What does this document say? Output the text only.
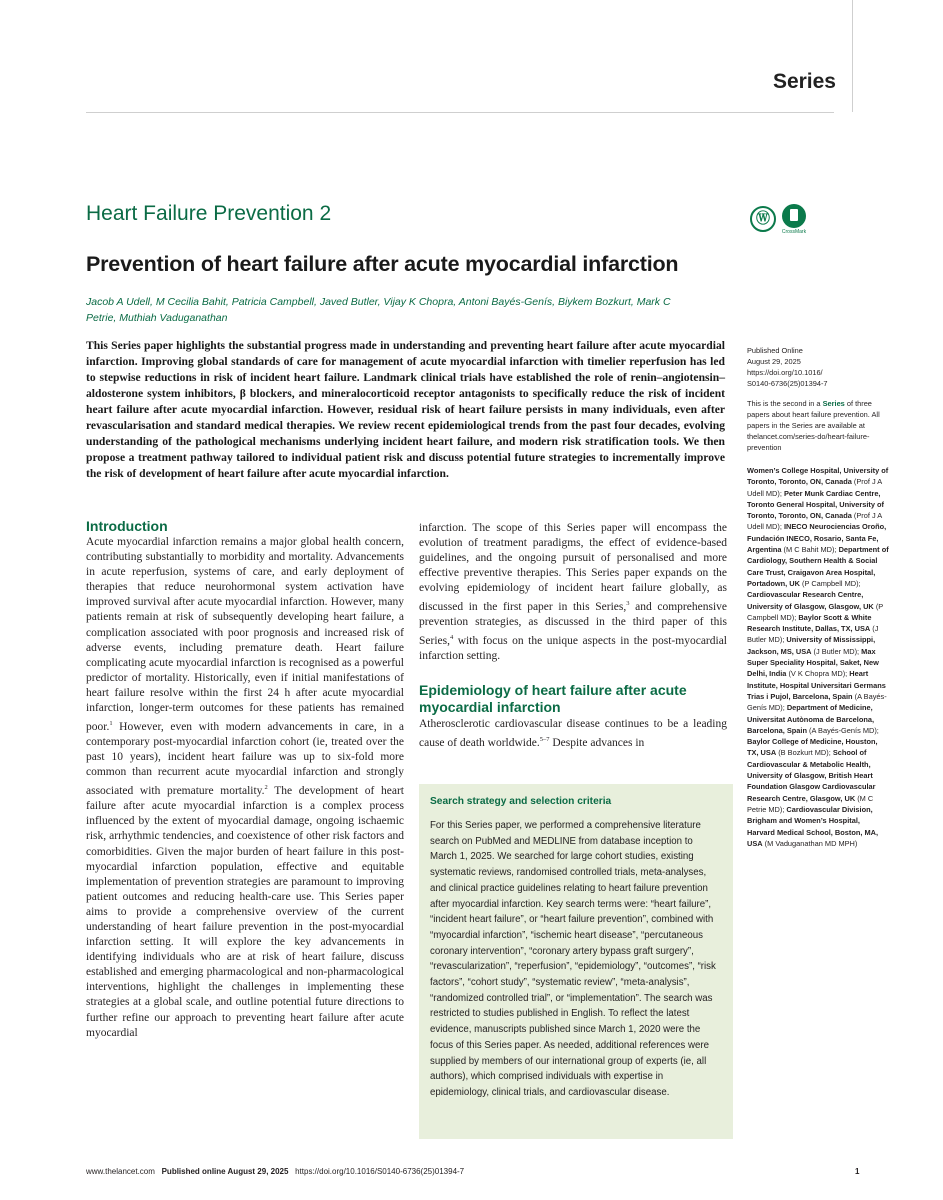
Series
Heart Failure Prevention 2	Ⓦ
CrossMark
Prevention of heart failure after acute myocardial infarction
Jacob A Udell, M Cecilia Bahit, Patricia Campbell, Javed Butler, Vijay K Chopra, Antoni Bayés-Genís, Biykem Bozkurt, Mark C Petrie, Muthiah Vaduganathan

This Series paper highlights the substantial progress made in understanding and preventing heart failure after acute myocardial infarction. Improving global standards of care for management of acute myocardial infarction with timelier reperfusion has led to stepwise reductions in risk of incident heart failure. Landmark clinical trials have established the role of renin–angiotensin–aldosterone system inhibitors, β blockers, and mineralocorticoid receptor antagonists to specifically reduce the risk of incident heart failure after acute myocardial infarction. However, residual risk of heart failure persists in many individuals, even after revascularisation and standard medical therapies. We review recent epidemiological trends from the past four decades, evolving understanding of the pathological mechanisms underlying incident heart failure, and modern risk stratification tools. We then propose a treatment pathway tailored to individual patient risk and discuss potential future strategies to incrementally improve the risk of development of heart failure after acute myocardial infarction.

Introduction

Acute myocardial infarction remains a major global health concern, contributing substantially to morbidity and mortality. Advancements in acute reperfusion, systems of care, and early deployment of therapies that reduce neurohormonal system activation have improved survival after acute myocardial infarction. However, many patients remain at risk of subsequently developing heart failure, a complication associated with poor prognosis and increased risk of adverse events, including premature death. Heart failure complicating acute myocardial infarction is recognised as a powerful predictor of mortality. Historically, even if initial manifestations of heart failure resolve within the first 24 h after acute myocardial infarction, longer-term outcomes for these patients has remained poor.$^1$ However, even with modern advancements in care, in a contemporary post-myocardial infarction cohort (ie, treated over the past 10 years), incident heart failure was up to six-fold more common than recurrent acute myocardial infarction and strongly associated with premature mortality.$^2$ The development of heart failure after acute myocardial infarction is a complex process influenced by the extent of myocardial damage, ongoing ischaemic risk, arrhythmic tendencies, and coexistence of other risk factors and comorbidities. Given the major burden of heart failure in this post-myocardial infarction population, effective and equitable implementation of prevention strategies are paramount to improving patient outcomes and reducing health-care use. This Series paper aims to provide a comprehensive overview of the current understanding of heart failure prevention in the post-myocardial infarction setting. It will explore the key advancements in identifying individuals who are at risk of heart failure, discuss established and emerging pharmacological and non-pharmacological interventions, highlight the challenges in implementing these strategies at a global scale, and outline potential future directions to further refine our approach to preventing heart failure after acute myocardial

infarction. The scope of this Series paper will encompass the evolution of treatment paradigms, the effect of evidence-based guidelines, and the ongoing pursuit of personalised and more effective preventive therapies. This Series paper expands on the evolving epidemiology of incident heart failure globally, as discussed in the first paper in this Series,$^3$ and comprehensive prevention strategies, as discussed in the third paper of this Series,$^4$ with focus on the unique aspects in the post-myocardial infarction setting.

Epidemiology of heart failure after acute myocardial infarction

Atherosclerotic cardiovascular disease continues to be a leading cause of death worldwide.$^{5-7}$ Despite advances in

Search strategy and selection criteria
For this Series paper, we performed a comprehensive literature search on PubMed and MEDLINE from database inception to March 1, 2025. We searched for large cohort studies, existing systematic reviews, randomised controlled trials, meta-analyses, and clinical practice guidelines relating to heart failure prevention after myocardial infarction. Key search terms were: “heart failure”, “incident heart failure”, or “heart failure prevention”, combined with “myocardial infarction”, “ischemic heart disease”, “percutaneous coronary intervention”, “coronary artery bypass graft surgery”, “revascularization”, “reperfusion”, “epidemiology”, “outcomes”, “risk factors”, “cohort study”, “systematic review”, “meta-analysis”, “randomized controlled trial”, or “implementation”. The search was restricted to studies published in English. To reflect the latest evidence, manuscripts published since March 1, 2020 were the focus of this Series paper. As needed, additional references were supplied by members of our international group of experts (ie, all authors), which comprised individuals with expertise in epidemiology, clinical trials, and cardiovascular disease.
Published Online
August 29, 2025
https://doi.org/10.1016/
S0140-6736(25)01394-7
This is the second in a Series of three papers about heart failure prevention. All papers in the Series are available at thelancet.com/series-do/heart-failure-prevention
Women’s College Hospital, University of Toronto, Toronto, ON, Canada (Prof J A Udell MD); Peter Munk Cardiac Centre, Toronto General Hospital, University of Toronto, Toronto, ON, Canada (Prof J A Udell MD); INECO Neurociencias Oroño, Fundación INECO, Rosario, Santa Fe, Argentina (M C Bahit MD); Department of Cardiology, Southern Health & Social Care Trust, Craigavon Area Hospital, Portadown, UK (P Campbell MD); Cardiovascular Research Centre, University of Glasgow, Glasgow, UK (P Campbell MD); Baylor Scott & White Research Institute, Dallas, TX, USA (J Butler MD); University of Mississippi, Jackson, MS, USA (J Butler MD); Max Super Speciality Hospital, Saket, New Delhi, India (V K Chopra MD); Heart Institute, Hospital Universitari Germans Trias i Pujol, Barcelona, Spain (A Bayés-Genís MD); Department of Medicine, Universitat Autònoma de Barcelona, Barcelona, Spain (A Bayés-Genís MD); Baylor College of Medicine, Houston, TX, USA (B Bozkurt MD); School of Cardiovascular & Metabolic Health, University of Glasgow, British Heart Foundation Glasgow Cardiovascular Research Centre, Glasgow, UK (M C Petrie MD); Cardiovascular Division, Brigham and Women’s Hospital, Harvard Medical School, Boston, MA, USA (M Vaduganathan MD MPH)
www.thelancet.com Published online August 29, 2025 https://doi.org/10.1016/S0140-6736(25)01394-7	1
